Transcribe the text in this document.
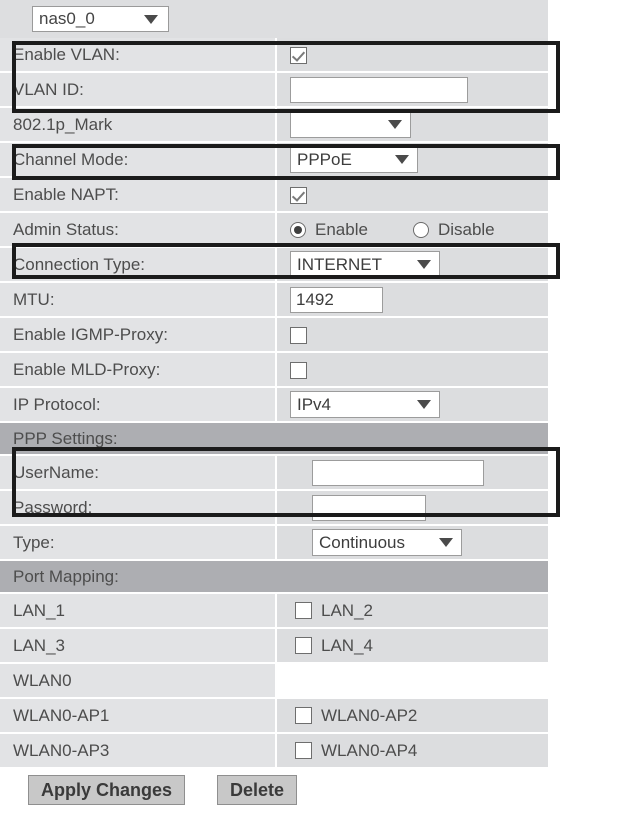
nas0_0
Enable VLAN:	
VLAN ID:	
802.1p_Mark	

Channel Mode:	PPPoE

Enable NAPT:	
Admin Status:	Enable Disable

Connection Type:	INTERNET

MTU:	1492
Enable IGMP-Proxy:	
Enable MLD-Proxy:	
IP Protocol:	IPv4

PPP Settings:	
UserName:	
Password:	
Type:	Continuous

Port Mapping:	
LAN_1	LAN_2
LAN_3	LAN_4
WLAN0	
WLAN0-AP1	WLAN0-AP2
WLAN0-AP3	WLAN0-AP4
Apply Changes	Delete
